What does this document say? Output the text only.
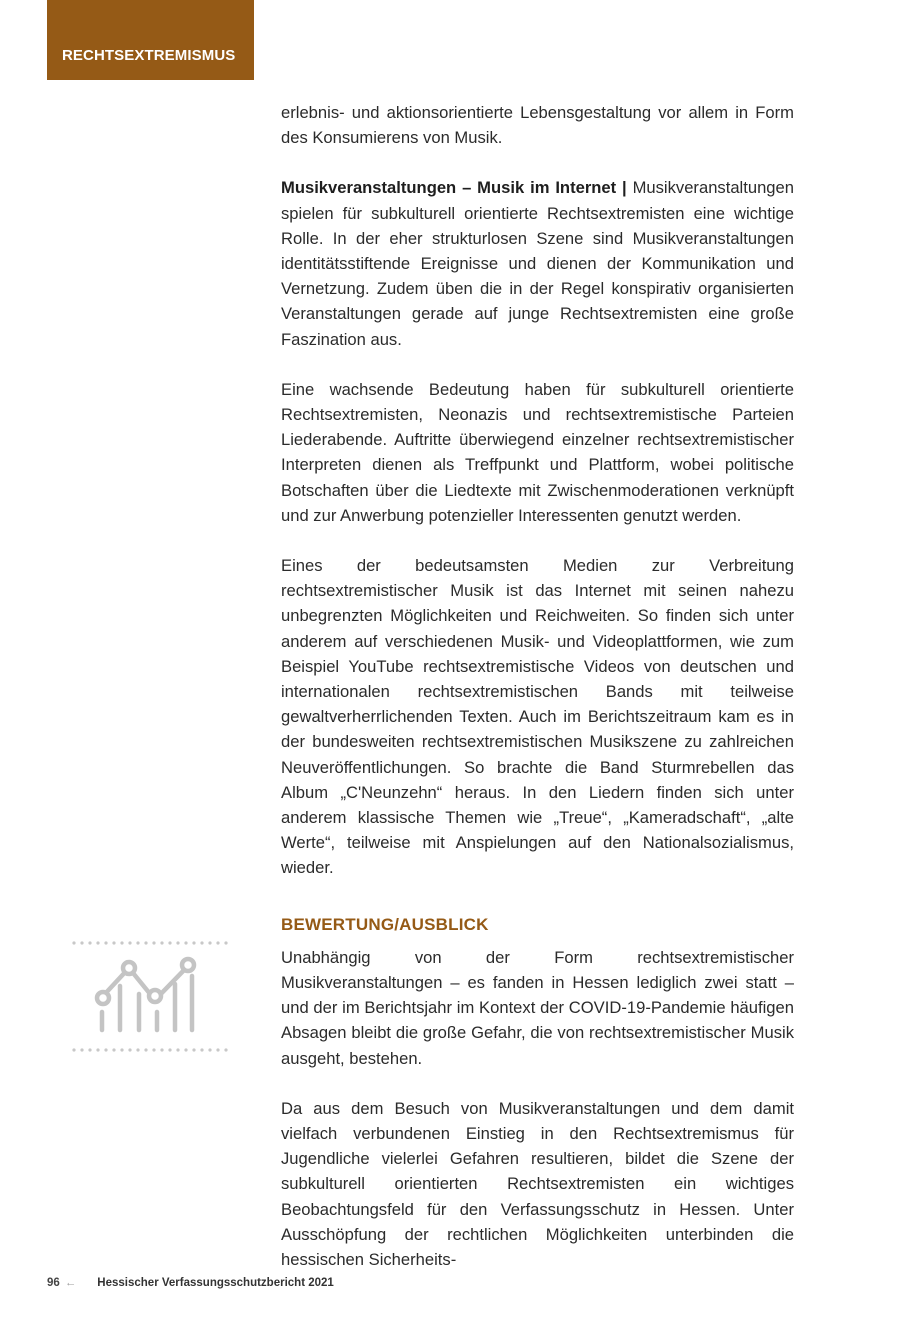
RECHTSEXTREMISMUS

erlebnis- und aktionsorientierte Lebensgestaltung vor allem in Form des Konsumierens von Musik.

Musikveranstaltungen – Musik im Internet | Musikveranstaltungen spielen für subkulturell orientierte Rechtsextremisten eine wichtige Rolle. In der eher strukturlosen Szene sind Musikveranstaltungen identitätsstiftende Ereignisse und dienen der Kommunikation und Vernetzung. Zudem üben die in der Regel konspirativ organisierten Veranstaltungen gerade auf junge Rechtsextremisten eine große Faszination aus.

Eine wachsende Bedeutung haben für subkulturell orientierte Rechtsextremisten, Neonazis und rechtsextremistische Parteien Liederabende. Auftritte überwiegend einzelner rechtsextremistischer Interpreten dienen als Treffpunkt und Plattform, wobei politische Botschaften über die Liedtexte mit Zwischenmoderationen verknüpft und zur Anwerbung potenzieller Interessenten genutzt werden.

Eines der bedeutsamsten Medien zur Verbreitung rechtsextremistischer Musik ist das Internet mit seinen nahezu unbegrenzten Möglichkeiten und Reichweiten. So finden sich unter anderem auf verschiedenen Musik- und Videoplattformen, wie zum Beispiel YouTube rechtsextremistische Videos von deutschen und internationalen rechtsextremistischen Bands mit teilweise gewaltverherrlichenden Texten. Auch im Berichtszeitraum kam es in der bundesweiten rechtsextremistischen Musikszene zu zahlreichen Neuveröffentlichungen. So brachte die Band Sturmrebellen das Album „C'Neunzehn“ heraus. In den Liedern finden sich unter anderem klassische Themen wie „Treue“, „Kameradschaft“, „alte Werte“, teilweise mit Anspielungen auf den Nationalsozialismus, wieder.

BEWERTUNG/AUSBLICK

Unabhängig von der Form rechtsextremistischer Musikveranstaltungen – es fanden in Hessen lediglich zwei statt – und der im Berichtsjahr im Kontext der COVID-19-Pandemie häufigen Absagen bleibt die große Gefahr, die von rechtsextremistischer Musik ausgeht, bestehen.

Da aus dem Besuch von Musikveranstaltungen und dem damit vielfach verbundenen Einstieg in den Rechtsextremismus für Jugendliche vielerlei Gefahren resultieren, bildet die Szene der subkulturell orientierten Rechtsextremisten ein wichtiges Beobachtungsfeld für den Verfassungsschutz in Hessen. Unter Ausschöpfung der rechtlichen Möglichkeiten unterbinden die hessischen Sicherheits-

96 ← Hessischer Verfassungsschutzbericht 2021
